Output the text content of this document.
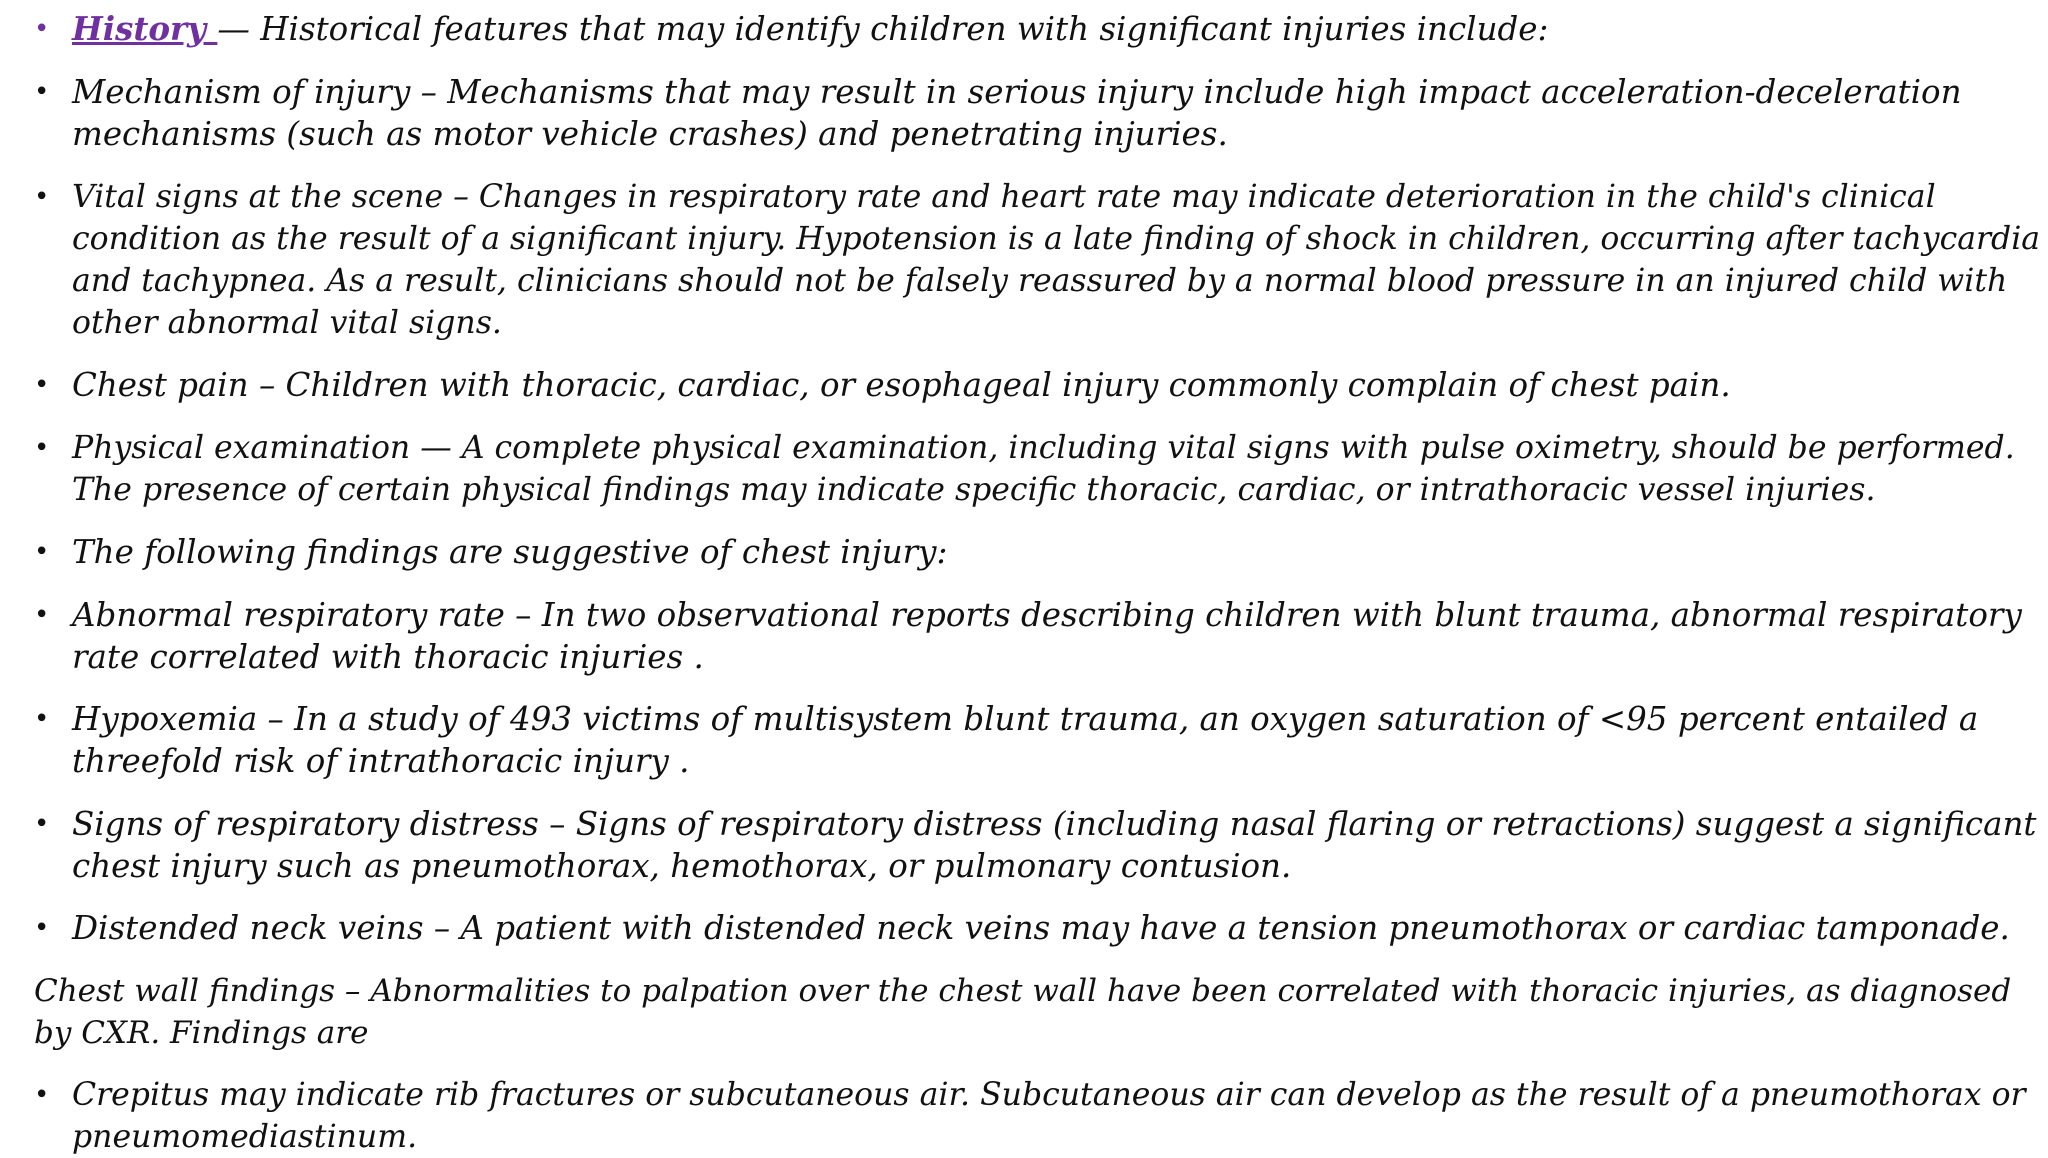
• History — Historical features that may identify children with significant injuries include:
• Mechanism of injury – Mechanisms that may result in serious injury include high impact acceleration-deceleration
mechanisms (such as motor vehicle crashes) and penetrating injuries.
• Vital signs at the scene – Changes in respiratory rate and heart rate may indicate deterioration in the child's clinical
condition as the result of a significant injury. Hypotension is a late finding of shock in children, occurring after tachycardia
and tachypnea. As a result, clinicians should not be falsely reassured by a normal blood pressure in an injured child with
other abnormal vital signs.
• Chest pain – Children with thoracic, cardiac, or esophageal injury commonly complain of chest pain.
• Physical examination — A complete physical examination, including vital signs with pulse oximetry, should be performed.
The presence of certain physical findings may indicate specific thoracic, cardiac, or intrathoracic vessel injuries.
• The following findings are suggestive of chest injury:
• Abnormal respiratory rate – In two observational reports describing children with blunt trauma, abnormal respiratory
rate correlated with thoracic injuries .
• Hypoxemia – In a study of 493 victims of multisystem blunt trauma, an oxygen saturation of <95 percent entailed a
threefold risk of intrathoracic injury .
• Signs of respiratory distress – Signs of respiratory distress (including nasal flaring or retractions) suggest a significant
chest injury such as pneumothorax, hemothorax, or pulmonary contusion.
• Distended neck veins – A patient with distended neck veins may have a tension pneumothorax or cardiac tamponade.
Chest wall findings – Abnormalities to palpation over the chest wall have been correlated with thoracic injuries, as diagnosed
by CXR. Findings are
• Crepitus may indicate rib fractures or subcutaneous air. Subcutaneous air can develop as the result of a pneumothorax or
pneumomediastinum.
